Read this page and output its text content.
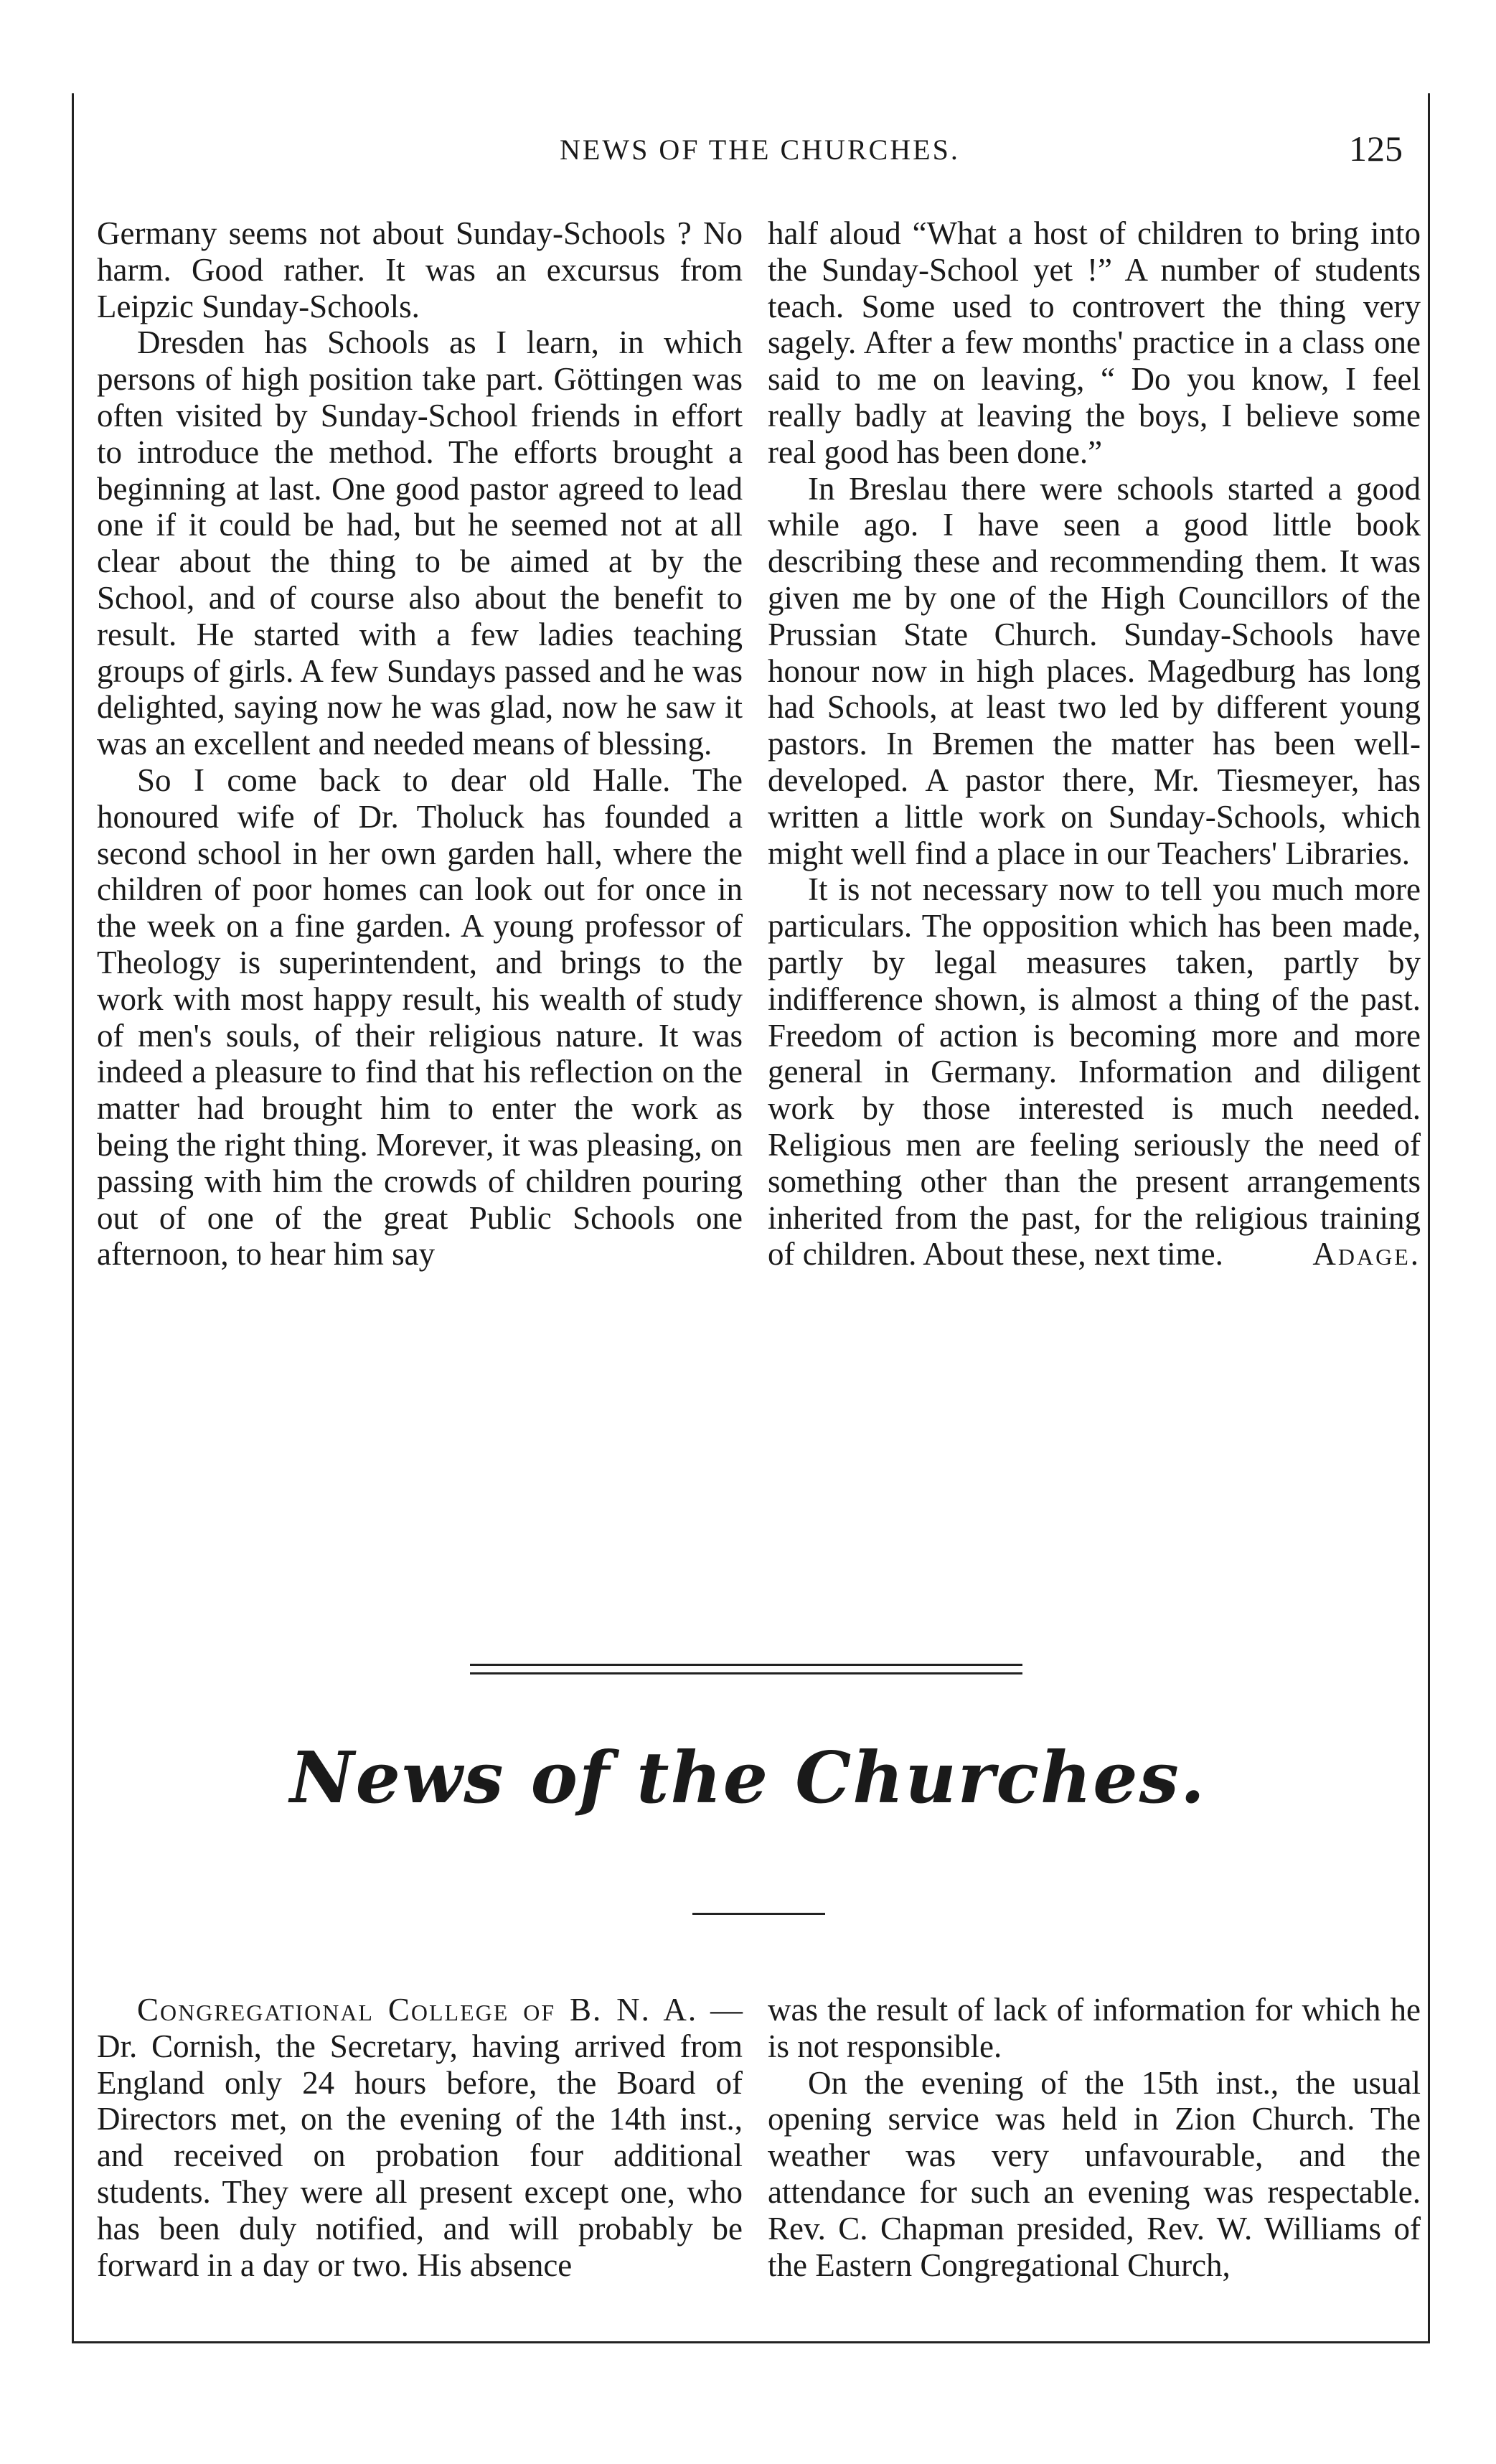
NEWS OF THE CHURCHES.	125

Germany seems not about Sunday-Schools ? No harm. Good rather. It was an excursus from Leipzic Sunday-Schools.

Dresden has Schools as I learn, in which persons of high position take part. Göttingen was often visited by Sunday-School friends in effort to introduce the method. The efforts brought a beginning at last. One good pastor agreed to lead one if it could be had, but he seemed not at all clear about the thing to be aimed at by the School, and of course also about the benefit to result. He started with a few ladies teaching groups of girls. A few Sundays passed and he was delighted, saying now he was glad, now he saw it was an excellent and needed means of blessing.

So I come back to dear old Halle. The honoured wife of Dr. Tholuck has founded a second school in her own garden hall, where the children of poor homes can look out for once in the week on a fine garden. A young professor of Theology is superintendent, and brings to the work with most happy result, his wealth of study of men's souls, of their religious nature. It was indeed a pleasure to find that his reflection on the matter had brought him to enter the work as being the right thing. Morever, it was pleasing, on passing with him the crowds of children pouring out of one of the great Public Schools one afternoon, to hear him say

half aloud “What a host of children to bring into the Sunday-School yet !” A number of students teach. Some used to controvert the thing very sagely. After a few months' practice in a class one said to me on leaving, “ Do you know, I feel really badly at leaving the boys, I believe some real good has been done.”

In Breslau there were schools started a good while ago. I have seen a good little book describing these and recommending them. It was given me by one of the High Councillors of the Prussian State Church. Sunday-Schools have honour now in high places. Magedburg has long had Schools, at least two led by different young pastors. In Bremen the matter has been well-developed. A pastor there, Mr. Tiesmeyer, has written a little work on Sunday-Schools, which might well find a place in our Teachers' Libraries.

It is not necessary now to tell you much more particulars. The opposition which has been made, partly by legal measures taken, partly by indifference shown, is almost a thing of the past. Freedom of action is becoming more and more general in Germany. Information and diligent work by those interested is much needed. Religious men are feeling seriously the need of something other than the present arrangements inherited from the past, for the religious training of children. About these, next time.	Adage.

News of the Churches.

Congregational College of B. N. A. —Dr. Cornish, the Secretary, having arrived from England only 24 hours before, the Board of Directors met, on the evening of the 14th inst., and received on probation four additional students. They were all present except one, who has been duly notified, and will probably be forward in a day or two. His absence

was the result of lack of information for which he is not responsible.

On the evening of the 15th inst., the usual opening service was held in Zion Church. The weather was very unfavourable, and the attendance for such an evening was respectable. Rev. C. Chapman presided, Rev. W. Williams of the Eastern Congregational Church,
